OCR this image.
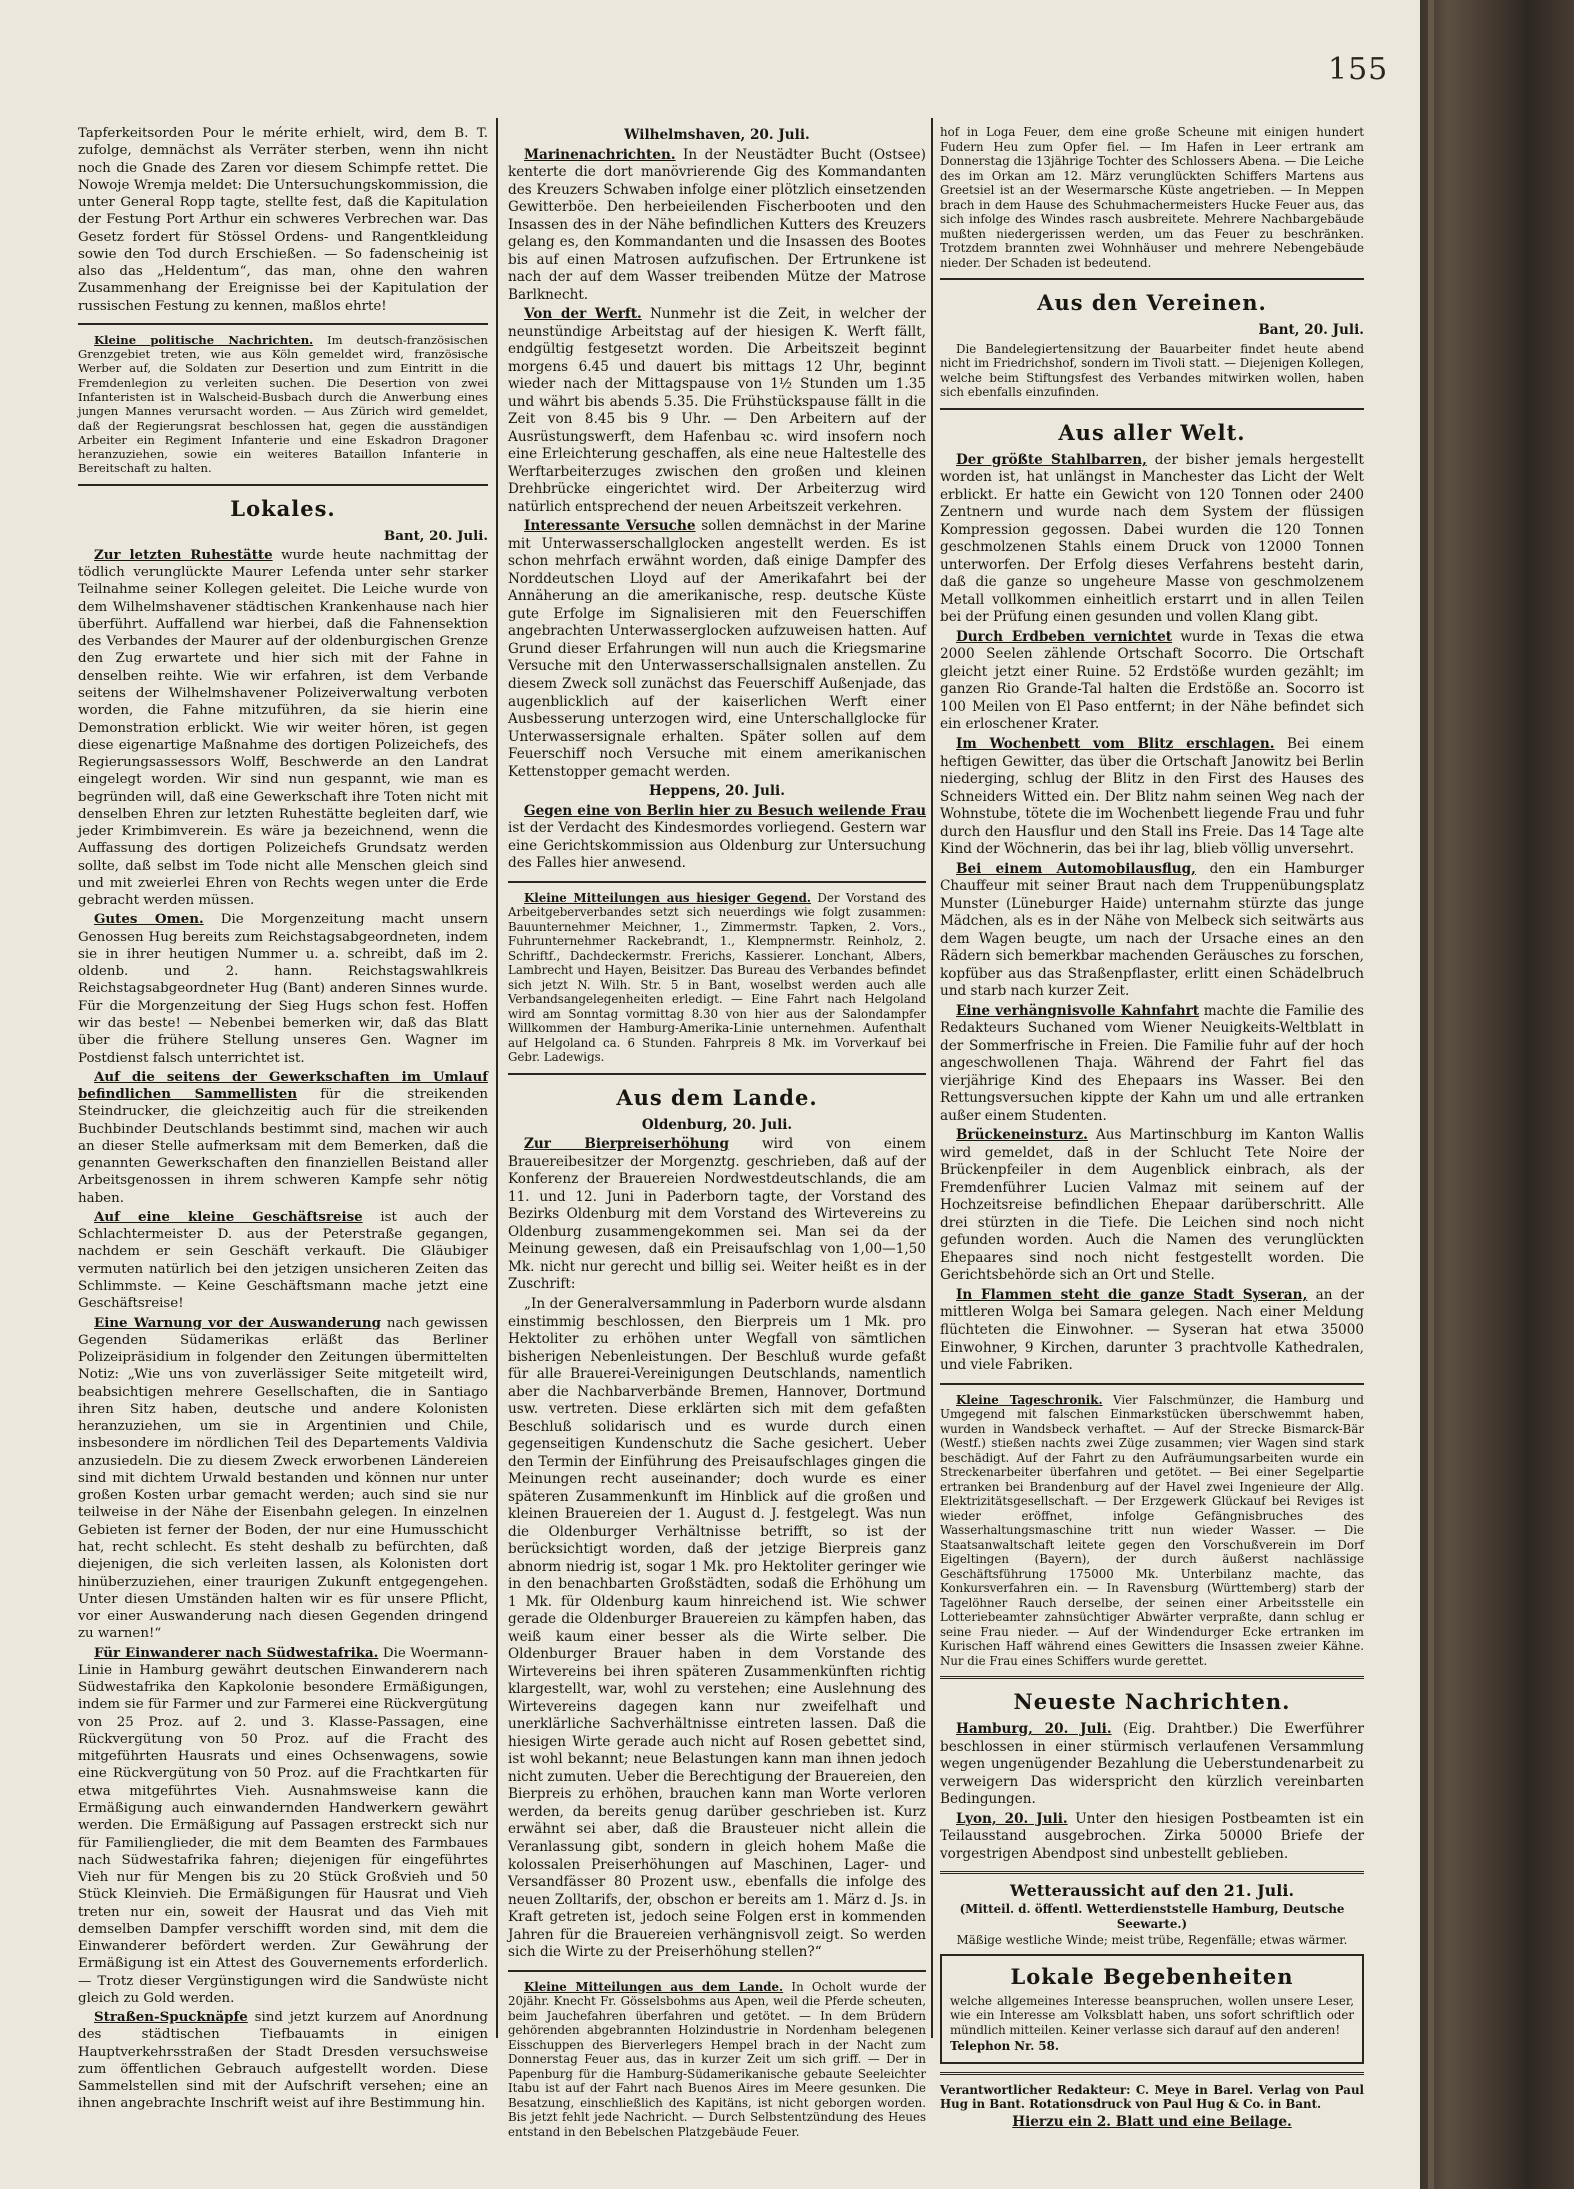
155

Tapferkeitsorden Pour le mérite erhielt, wird, dem B. T. zufolge, demnächst als Verräter sterben, wenn ihn nicht noch die Gnade des Zaren vor diesem Schimpfe rettet. Die Nowoje Wremja meldet: Die Untersuchungskommission, die unter General Ropp tagte, stellte fest, daß die Kapitulation der Festung Port Arthur ein schweres Verbrechen war. Das Gesetz fordert für Stössel Ordens- und Rangentkleidung sowie den Tod durch Erschießen. — So fadenscheinig ist also das „Heldentum“, das man, ohne den wahren Zusammenhang der Ereignisse bei der Kapitulation der russischen Festung zu kennen, maßlos ehrte!

Kleine politische Nachrichten. Im deutsch-französischen Grenzgebiet treten, wie aus Köln gemeldet wird, französische Werber auf, die Soldaten zur Desertion und zum Eintritt in die Fremdenlegion zu verleiten suchen. Die Desertion von zwei Infanteristen ist in Walscheid-Busbach durch die Anwerbung eines jungen Mannes verursacht worden. — Aus Zürich wird gemeldet, daß der Regierungsrat beschlossen hat, gegen die ausständigen Arbeiter ein Regiment Infanterie und eine Eskadron Dragoner heranzuziehen, sowie ein weiteres Bataillon Infanterie in Bereitschaft zu halten.

Lokales.

Bant, 20. Juli.

Zur letzten Ruhestätte wurde heute nachmittag der tödlich verunglückte Maurer Lefenda unter sehr starker Teilnahme seiner Kollegen geleitet. Die Leiche wurde von dem Wilhelmshavener städtischen Krankenhause nach hier überführt. Auffallend war hierbei, daß die Fahnensektion des Verbandes der Maurer auf der oldenburgischen Grenze den Zug erwartete und hier sich mit der Fahne in denselben reihte. Wie wir erfahren, ist dem Verbande seitens der Wilhelmshavener Polizeiverwaltung verboten worden, die Fahne mitzuführen, da sie hierin eine Demonstration erblickt. Wie wir weiter hören, ist gegen diese eigenartige Maßnahme des dortigen Polizeichefs, des Regierungsassessors Wolff, Beschwerde an den Landrat eingelegt worden. Wir sind nun gespannt, wie man es begründen will, daß eine Gewerkschaft ihre Toten nicht mit denselben Ehren zur letzten Ruhestätte begleiten darf, wie jeder Krimbimverein. Es wäre ja bezeichnend, wenn die Auffassung des dortigen Polizeichefs Grundsatz werden sollte, daß selbst im Tode nicht alle Menschen gleich sind und mit zweierlei Ehren von Rechts wegen unter die Erde gebracht werden müssen.

Gutes Omen. Die Morgenzeitung macht unsern Genossen Hug bereits zum Reichstagsabgeordneten, indem sie in ihrer heutigen Nummer u. a. schreibt, daß im 2. oldenb. und 2. hann. Reichstagswahlkreis Reichstagsabgeordneter Hug (Bant) anderen Sinnes wurde. Für die Morgenzeitung der Sieg Hugs schon fest. Hoffen wir das beste! — Nebenbei bemerken wir, daß das Blatt über die frühere Stellung unseres Gen. Wagner im Postdienst falsch unterrichtet ist.

Auf die seitens der Gewerkschaften im Umlauf befindlichen Sammellisten für die streikenden Steindrucker, die gleichzeitig auch für die streikenden Buchbinder Deutschlands bestimmt sind, machen wir auch an dieser Stelle aufmerksam mit dem Bemerken, daß die genannten Gewerkschaften den finanziellen Beistand aller Arbeitsgenossen in ihrem schweren Kampfe sehr nötig haben.

Auf eine kleine Geschäftsreise ist auch der Schlachtermeister D. aus der Peterstraße gegangen, nachdem er sein Geschäft verkauft. Die Gläubiger vermuten natürlich bei den jetzigen unsicheren Zeiten das Schlimmste. — Keine Geschäftsmann mache jetzt eine Geschäftsreise!

Eine Warnung vor der Auswanderung nach gewissen Gegenden Südamerikas erläßt das Berliner Polizeipräsidium in folgender den Zeitungen übermittelten Notiz: „Wie uns von zuverlässiger Seite mitgeteilt wird, beabsichtigen mehrere Gesellschaften, die in Santiago ihren Sitz haben, deutsche und andere Kolonisten heranzuziehen, um sie in Argentinien und Chile, insbesondere im nördlichen Teil des Departements Valdivia anzusiedeln. Die zu diesem Zweck erworbenen Ländereien sind mit dichtem Urwald bestanden und können nur unter großen Kosten urbar gemacht werden; auch sind sie nur teilweise in der Nähe der Eisenbahn gelegen. In einzelnen Gebieten ist ferner der Boden, der nur eine Humusschicht hat, recht schlecht. Es steht deshalb zu befürchten, daß diejenigen, die sich verleiten lassen, als Kolonisten dort hinüberzuziehen, einer traurigen Zukunft entgegengehen. Unter diesen Umständen halten wir es für unsere Pflicht, vor einer Auswanderung nach diesen Gegenden dringend zu warnen!“

Für Einwanderer nach Südwestafrika. Die Woermann-Linie in Hamburg gewährt deutschen Einwanderern nach Südwestafrika den Kapkolonie besondere Ermäßigungen, indem sie für Farmer und zur Farmerei eine Rückvergütung von 25 Proz. auf 2. und 3. Klasse-Passagen, eine Rückvergütung von 50 Proz. auf die Fracht des mitgeführten Hausrats und eines Ochsenwagens, sowie eine Rückvergütung von 50 Proz. auf die Frachtkarten für etwa mitgeführtes Vieh. Ausnahmsweise kann die Ermäßigung auch einwandernden Handwerkern gewährt werden. Die Ermäßigung auf Passagen erstreckt sich nur für Familienglieder, die mit dem Beamten des Farmbaues nach Südwestafrika fahren; diejenigen für eingeführtes Vieh nur für Mengen bis zu 20 Stück Großvieh und 50 Stück Kleinvieh. Die Ermäßigungen für Hausrat und Vieh treten nur ein, soweit der Hausrat und das Vieh mit demselben Dampfer verschifft worden sind, mit dem die Einwanderer befördert werden. Zur Gewährung der Ermäßigung ist ein Attest des Gouvernements erforderlich. — Trotz dieser Vergünstigungen wird die Sandwüste nicht gleich zu Gold werden.

Straßen-Spucknäpfe sind jetzt kurzem auf Anordnung des städtischen Tiefbauamts in einigen Hauptverkehrsstraßen der Stadt Dresden versuchsweise zum öffentlichen Gebrauch aufgestellt worden. Diese Sammelstellen sind mit der Aufschrift versehen; eine an ihnen angebrachte Inschrift weist auf ihre Bestimmung hin.

Wilhelmshaven, 20. Juli.

Marinenachrichten. In der Neustädter Bucht (Ostsee) kenterte die dort manövrierende Gig des Kommandanten des Kreuzers Schwaben infolge einer plötzlich einsetzenden Gewitterböe. Den herbeieilenden Fischerbooten und den Insassen des in der Nähe befindlichen Kutters des Kreuzers gelang es, den Kommandanten und die Insassen des Bootes bis auf einen Matrosen aufzufischen. Der Ertrunkene ist nach der auf dem Wasser treibenden Mütze der Matrose Barlknecht.

Von der Werft. Nunmehr ist die Zeit, in welcher der neunstündige Arbeitstag auf der hiesigen K. Werft fällt, endgültig festgesetzt worden. Die Arbeitszeit beginnt morgens 6.45 und dauert bis mittags 12 Uhr, beginnt wieder nach der Mittagspause von 1½ Stunden um 1.35 und währt bis abends 5.35. Die Frühstückspause fällt in die Zeit von 8.45 bis 9 Uhr. — Den Arbeitern auf der Ausrüstungswerft, dem Hafenbau ꝛc. wird insofern noch eine Erleichterung geschaffen, als eine neue Haltestelle des Werftarbeiterzuges zwischen den großen und kleinen Drehbrücke eingerichtet wird. Der Arbeiterzug wird natürlich entsprechend der neuen Arbeitszeit verkehren.

Interessante Versuche sollen demnächst in der Marine mit Unterwasserschallglocken angestellt werden. Es ist schon mehrfach erwähnt worden, daß einige Dampfer des Norddeutschen Lloyd auf der Amerikafahrt bei der Annäherung an die amerikanische, resp. deutsche Küste gute Erfolge im Signalisieren mit den Feuerschiffen angebrachten Unterwasserglocken aufzuweisen hatten. Auf Grund dieser Erfahrungen will nun auch die Kriegsmarine Versuche mit den Unterwasserschallsignalen anstellen. Zu diesem Zweck soll zunächst das Feuerschiff Außenjade, das augenblicklich auf der kaiserlichen Werft einer Ausbesserung unterzogen wird, eine Unterschallglocke für Unterwassersignale erhalten. Später sollen auf dem Feuerschiff noch Versuche mit einem amerikanischen Kettenstopper gemacht werden.

Heppens, 20. Juli.

Gegen eine von Berlin hier zu Besuch weilende Frau ist der Verdacht des Kindesmordes vorliegend. Gestern war eine Gerichtskommission aus Oldenburg zur Untersuchung des Falles hier anwesend.

Kleine Mitteilungen aus hiesiger Gegend. Der Vorstand des Arbeitgeberverbandes setzt sich neuerdings wie folgt zusammen: Bauunternehmer Meichner, 1., Zimmermstr. Tapken, 2. Vors., Fuhrunternehmer Rackebrandt, 1., Klempnermstr. Reinholz, 2. Schriftf., Dachdeckermstr. Frerichs, Kassierer. Lonchant, Albers, Lambrecht und Hayen, Beisitzer. Das Bureau des Verbandes befindet sich jetzt N. Wilh. Str. 5 in Bant, woselbst werden auch alle Verbandsangelegenheiten erledigt. — Eine Fahrt nach Helgoland wird am Sonntag vormittag 8.30 von hier aus der Salondampfer Willkommen der Hamburg-Amerika-Linie unternehmen. Aufenthalt auf Helgoland ca. 6 Stunden. Fahrpreis 8 Mk. im Vorverkauf bei Gebr. Ladewigs.

Aus dem Lande.

Oldenburg, 20. Juli.

Zur Bierpreiserhöhung wird von einem Brauereibesitzer der Morgenztg. geschrieben, daß auf der Konferenz der Brauereien Nordwestdeutschlands, die am 11. und 12. Juni in Paderborn tagte, der Vorstand des Bezirks Oldenburg mit dem Vorstand des Wirtevereins zu Oldenburg zusammengekommen sei. Man sei da der Meinung gewesen, daß ein Preisaufschlag von 1,00—1,50 Mk. nicht nur gerecht und billig sei. Weiter heißt es in der Zuschrift:

„In der Generalversammlung in Paderborn wurde alsdann einstimmig beschlossen, den Bierpreis um 1 Mk. pro Hektoliter zu erhöhen unter Wegfall von sämtlichen bisherigen Nebenleistungen. Der Beschluß wurde gefaßt für alle Brauerei-Vereinigungen Deutschlands, namentlich aber die Nachbarverbände Bremen, Hannover, Dortmund usw. vertreten. Diese erklärten sich mit dem gefaßten Beschluß solidarisch und es wurde durch einen gegenseitigen Kundenschutz die Sache gesichert. Ueber den Termin der Einführung des Preisaufschlages gingen die Meinungen recht auseinander; doch wurde es einer späteren Zusammenkunft im Hinblick auf die großen und kleinen Brauereien der 1. August d. J. festgelegt. Was nun die Oldenburger Verhältnisse betrifft, so ist der berücksichtigt worden, daß der jetzige Bierpreis ganz abnorm niedrig ist, sogar 1 Mk. pro Hektoliter geringer wie in den benachbarten Großstädten, sodaß die Erhöhung um 1 Mk. für Oldenburg kaum hinreichend ist. Wie schwer gerade die Oldenburger Brauereien zu kämpfen haben, das weiß kaum einer besser als die Wirte selber. Die Oldenburger Brauer haben in dem Vorstande des Wirtevereins bei ihren späteren Zusammenkünften richtig klargestellt, war, wohl zu verstehen; eine Auslehnung des Wirtevereins dagegen kann nur zweifelhaft und unerklärliche Sachverhältnisse eintreten lassen. Daß die hiesigen Wirte gerade auch nicht auf Rosen gebettet sind, ist wohl bekannt; neue Belastungen kann man ihnen jedoch nicht zumuten. Ueber die Berechtigung der Brauereien, den Bierpreis zu erhöhen, brauchen kann man Worte verloren werden, da bereits genug darüber geschrieben ist. Kurz erwähnt sei aber, daß die Brausteuer nicht allein die Veranlassung gibt, sondern in gleich hohem Maße die kolossalen Preiserhöhungen auf Maschinen, Lager- und Versandfässer 80 Prozent usw., ebenfalls die infolge des neuen Zolltarifs, der, obschon er bereits am 1. März d. Js. in Kraft getreten ist, jedoch seine Folgen erst in kommenden Jahren für die Brauereien verhängnisvoll zeigt. So werden sich die Wirte zu der Preiserhöhung stellen?“

Kleine Mitteilungen aus dem Lande. In Ocholt wurde der 20jähr. Knecht Fr. Gösselsbohms aus Apen, weil die Pferde scheuten, beim Jauchefahren überfahren und getötet. — In dem Brüdern gehörenden abgebrannten Holzindustrie in Nordenham belegenen Eisschuppen des Bierverlegers Hempel brach in der Nacht zum Donnerstag Feuer aus, das in kurzer Zeit um sich griff. — Der in Papenburg für die Hamburg-Südamerikanische gebaute Seeleichter Itabu ist auf der Fahrt nach Buenos Aires im Meere gesunken. Die Besatzung, einschließlich des Kapitäns, ist nicht geborgen worden. Bis jetzt fehlt jede Nachricht. — Durch Selbstentzündung des Heues entstand in den Bebelschen Platzgebäude Feuer.

hof in Loga Feuer, dem eine große Scheune mit einigen hundert Fudern Heu zum Opfer fiel. — Im Hafen in Leer ertrank am Donnerstag die 13jährige Tochter des Schlossers Abena. — Die Leiche des im Orkan am 12. März verunglückten Schiffers Martens aus Greetsiel ist an der Wesermarsche Küste angetrieben. — In Meppen brach in dem Hause des Schuhmachermeisters Hucke Feuer aus, das sich infolge des Windes rasch ausbreitete. Mehrere Nachbargebäude mußten niedergerissen werden, um das Feuer zu beschränken. Trotzdem brannten zwei Wohnhäuser und mehrere Nebengebäude nieder. Der Schaden ist bedeutend.

Aus den Vereinen.

Bant, 20. Juli.

Die Bandelegiertensitzung der Bauarbeiter findet heute abend nicht im Friedrichshof, sondern im Tivoli statt. — Diejenigen Kollegen, welche beim Stiftungsfest des Verbandes mitwirken wollen, haben sich ebenfalls einzufinden.

Aus aller Welt.

Der größte Stahlbarren, der bisher jemals hergestellt worden ist, hat unlängst in Manchester das Licht der Welt erblickt. Er hatte ein Gewicht von 120 Tonnen oder 2400 Zentnern und wurde nach dem System der flüssigen Kompression gegossen. Dabei wurden die 120 Tonnen geschmolzenen Stahls einem Druck von 12000 Tonnen unterworfen. Der Erfolg dieses Verfahrens besteht darin, daß die ganze so ungeheure Masse von geschmolzenem Metall vollkommen einheitlich erstarrt und in allen Teilen bei der Prüfung einen gesunden und vollen Klang gibt.

Durch Erdbeben vernichtet wurde in Texas die etwa 2000 Seelen zählende Ortschaft Socorro. Die Ortschaft gleicht jetzt einer Ruine. 52 Erdstöße wurden gezählt; im ganzen Rio Grande-Tal halten die Erdstöße an. Socorro ist 100 Meilen von El Paso entfernt; in der Nähe befindet sich ein erloschener Krater.

Im Wochenbett vom Blitz erschlagen. Bei einem heftigen Gewitter, das über die Ortschaft Janowitz bei Berlin niederging, schlug der Blitz in den First des Hauses des Schneiders Witted ein. Der Blitz nahm seinen Weg nach der Wohnstube, tötete die im Wochenbett liegende Frau und fuhr durch den Hausflur und den Stall ins Freie. Das 14 Tage alte Kind der Wöchnerin, das bei ihr lag, blieb völlig unversehrt.

Bei einem Automobilausflug, den ein Hamburger Chauffeur mit seiner Braut nach dem Truppenübungsplatz Munster (Lüneburger Haide) unternahm stürzte das junge Mädchen, als es in der Nähe von Melbeck sich seitwärts aus dem Wagen beugte, um nach der Ursache eines an den Rädern sich bemerkbar machenden Geräusches zu forschen, kopfüber aus das Straßenpflaster, erlitt einen Schädelbruch und starb nach kurzer Zeit.

Eine verhängnisvolle Kahnfahrt machte die Familie des Redakteurs Suchaned vom Wiener Neuigkeits-Weltblatt in der Sommerfrische in Freien. Die Familie fuhr auf der hoch angeschwollenen Thaja. Während der Fahrt fiel das vierjährige Kind des Ehepaars ins Wasser. Bei den Rettungsversuchen kippte der Kahn um und alle ertranken außer einem Studenten.

Brückeneinsturz. Aus Martinschburg im Kanton Wallis wird gemeldet, daß in der Schlucht Tete Noire der Brückenpfeiler in dem Augenblick einbrach, als der Fremdenführer Lucien Valmaz mit seinem auf der Hochzeitsreise befindlichen Ehepaar darüberschritt. Alle drei stürzten in die Tiefe. Die Leichen sind noch nicht gefunden worden. Auch die Namen des verunglückten Ehepaares sind noch nicht festgestellt worden. Die Gerichtsbehörde sich an Ort und Stelle.

In Flammen steht die ganze Stadt Syseran, an der mittleren Wolga bei Samara gelegen. Nach einer Meldung flüchteten die Einwohner. — Syseran hat etwa 35000 Einwohner, 9 Kirchen, darunter 3 prachtvolle Kathedralen, und viele Fabriken.

Kleine Tageschronik. Vier Falschmünzer, die Hamburg und Umgegend mit falschen Einmarkstücken überschwemmt haben, wurden in Wandsbeck verhaftet. — Auf der Strecke Bismarck-Bär (Westf.) stießen nachts zwei Züge zusammen; vier Wagen sind stark beschädigt. Auf der Fahrt zu den Aufräumungsarbeiten wurde ein Streckenarbeiter überfahren und getötet. — Bei einer Segelpartie ertranken bei Brandenburg auf der Havel zwei Ingenieure der Allg. Elektrizitätsgesellschaft. — Der Erzgewerk Glückauf bei Reviges ist wieder eröffnet, infolge Gefängnisbruches des Wasserhaltungsmaschine tritt nun wieder Wasser. — Die Staatsanwaltschaft leitete gegen den Vorschußverein im Dorf Eigeltingen (Bayern), der durch äußerst nachlässige Geschäftsführung 175000 Mk. Unterbilanz machte, das Konkursverfahren ein. — In Ravensburg (Württemberg) starb der Tagelöhner Rauch derselbe, der seinen einer Arbeitsstelle ein Lotteriebeamter zahnsüchtiger Abwärter verpraßte, dann schlug er seine Frau nieder. — Auf der Windendurger Ecke ertranken im Kurischen Haff während eines Gewitters die Insassen zweier Kähne. Nur die Frau eines Schiffers wurde gerettet.

Neueste Nachrichten.

Hamburg, 20. Juli. (Eig. Drahtber.) Die Ewerführer beschlossen in einer stürmisch verlaufenen Versammlung wegen ungenügender Bezahlung die Ueberstundenarbeit zu verweigern Das widerspricht den kürzlich vereinbarten Bedingungen.

Lyon, 20. Juli. Unter den hiesigen Postbeamten ist ein Teilausstand ausgebrochen. Zirka 50000 Briefe der vorgestrigen Abendpost sind unbestellt geblieben.

Wetteraussicht auf den 21. Juli.

(Mitteil. d. öffentl. Wetterdienststelle Hamburg, Deutsche Seewarte.)

Mäßige westliche Winde; meist trübe, Regenfälle; etwas wärmer.

Lokale Begebenheiten

welche allgemeines Interesse beanspruchen, wollen unsere Leser, wie ein Interesse am Volksblatt haben, uns sofort schriftlich oder mündlich mitteilen. Keiner verlasse sich darauf auf den anderen!

Telephon Nr. 58.

Verantwortlicher Redakteur: C. Meye in Barel. Verlag von Paul Hug in Bant. Rotationsdruck von Paul Hug & Co. in Bant.

Hierzu ein 2. Blatt und eine Beilage.
